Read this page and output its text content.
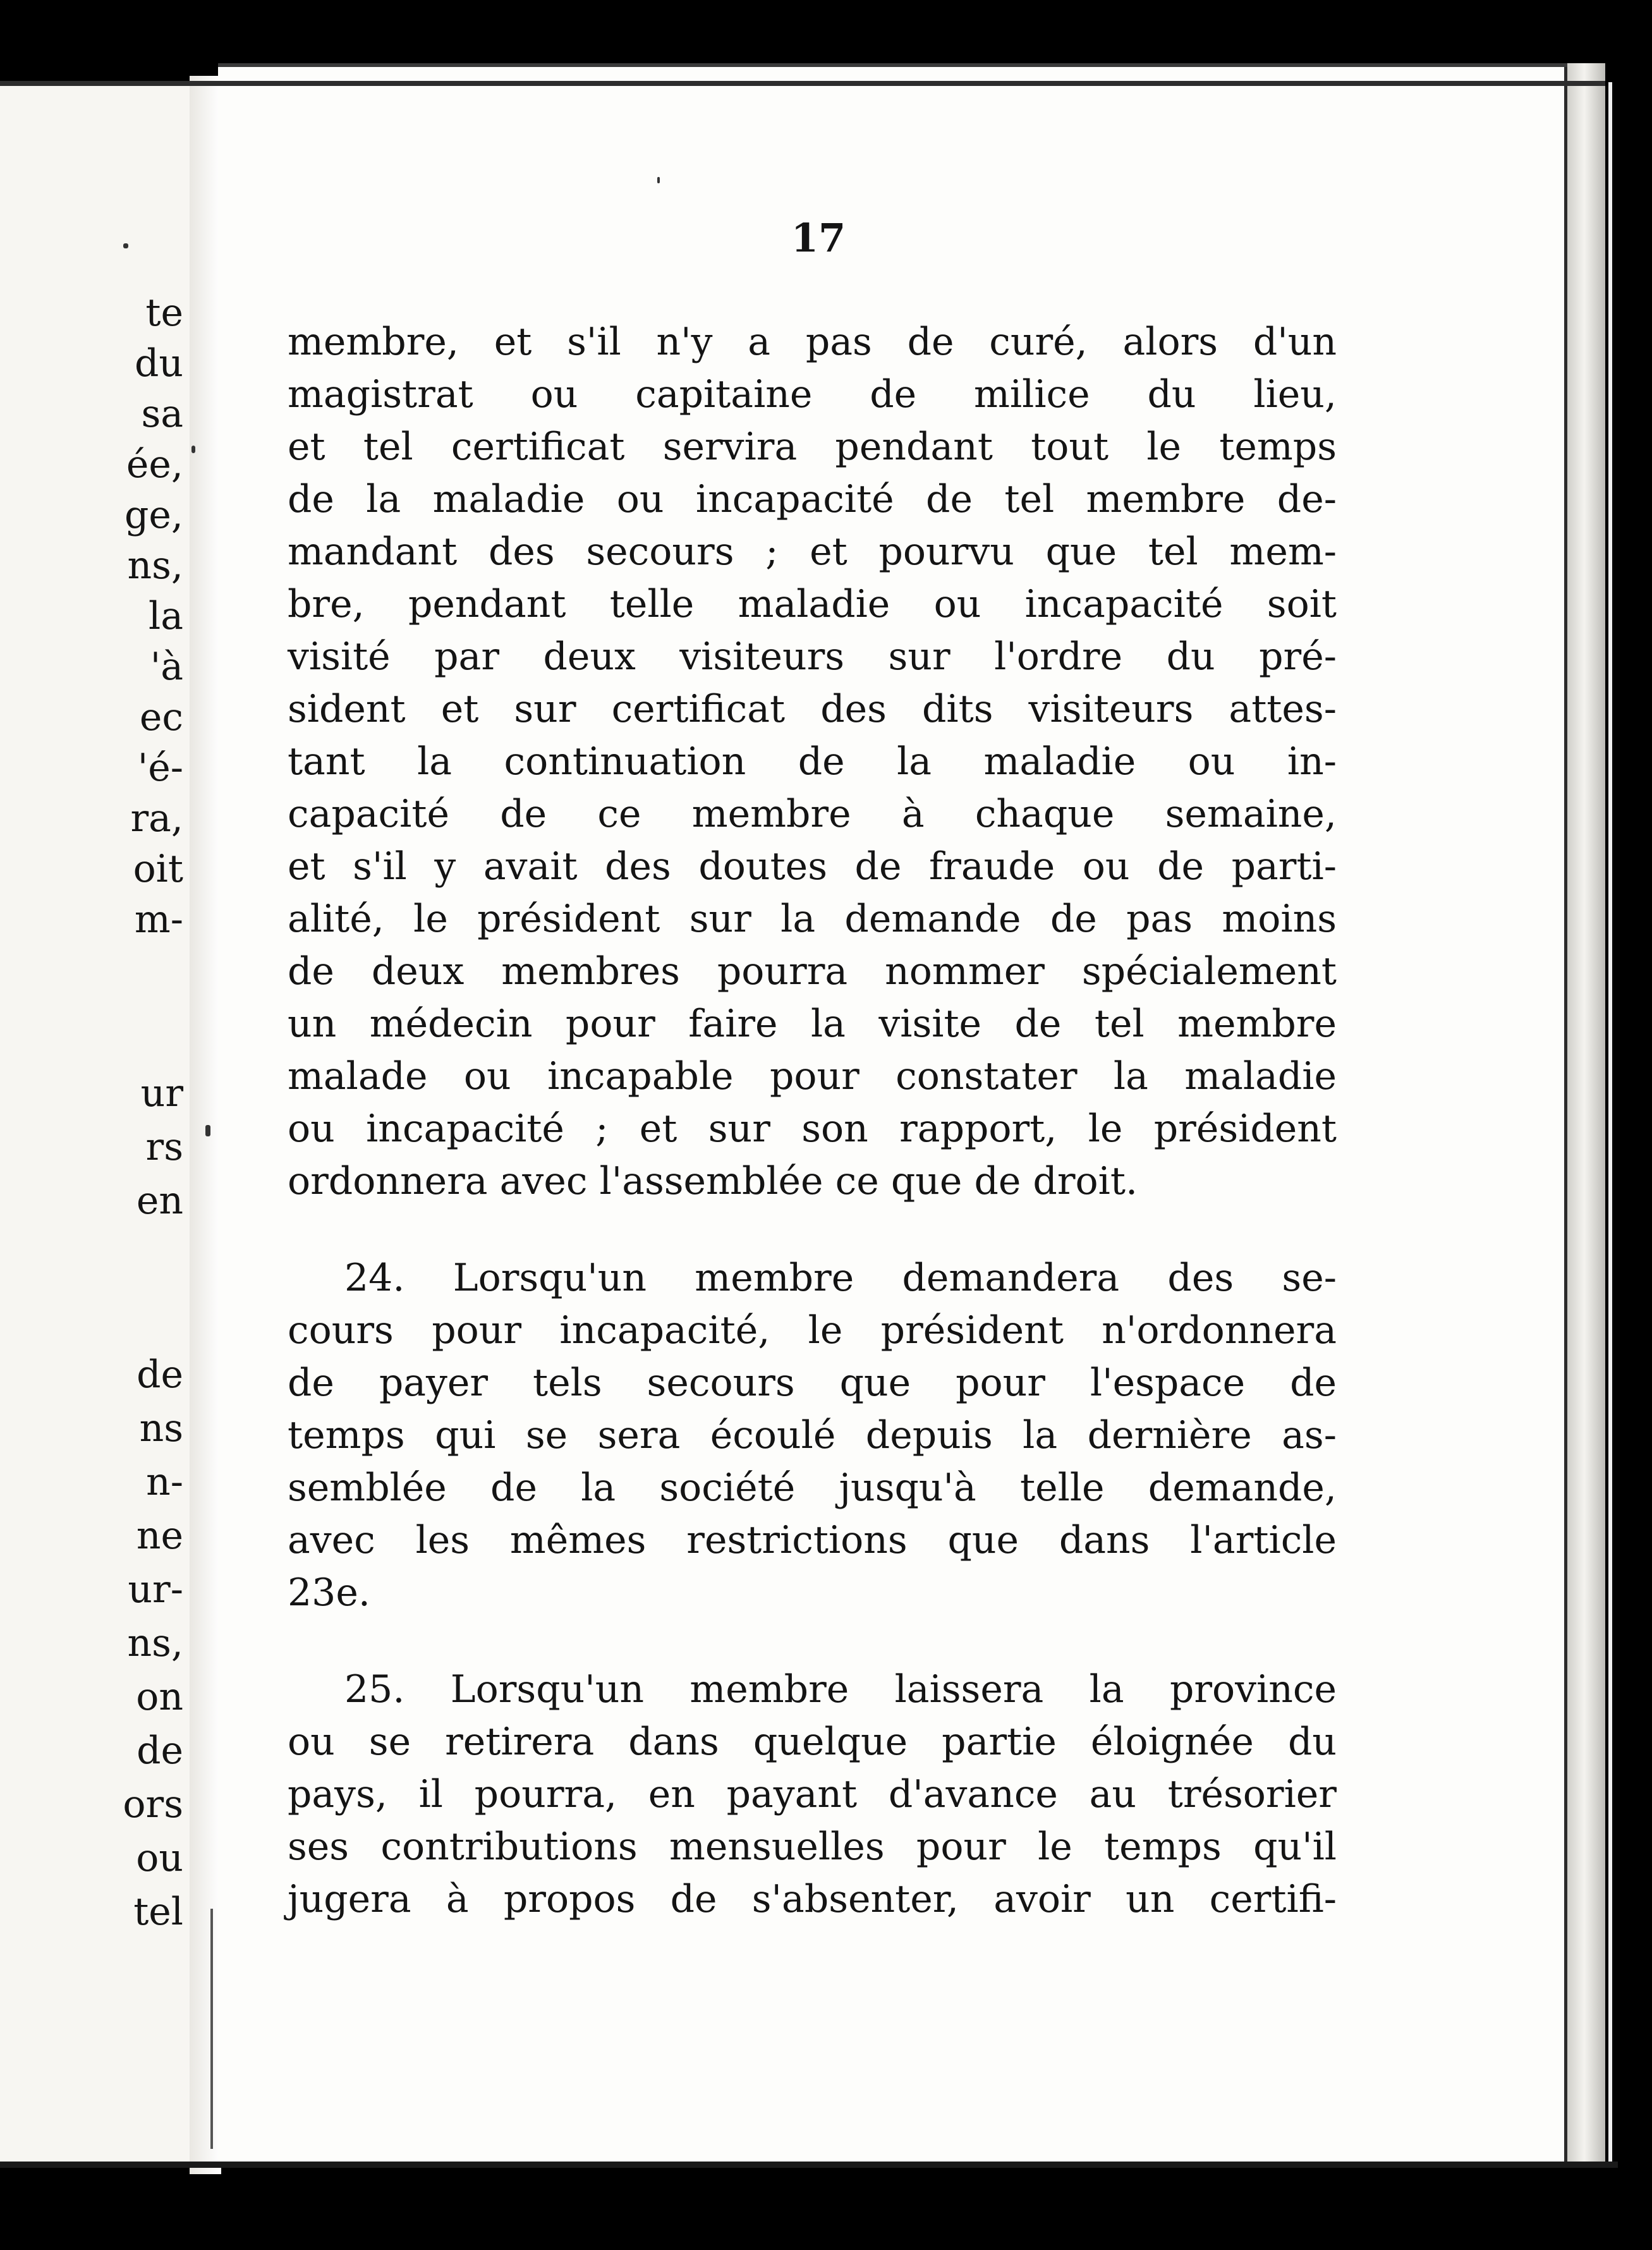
te
du
sa
ée,
ge,
ns,
la
'à
ec
'é-
ra,
oit
m-
ur
rs
en
de
ns
n-
ne
ur-
ns,
on
de
ors
ou
tel
17
membre, et s'il n'y a pas de curé, alors d'un
magistrat ou capitaine de milice du lieu,
et tel certificat servira pendant tout le temps
de la maladie ou incapacité de tel membre de-
mandant des secours ; et pourvu que tel mem-
bre, pendant telle maladie ou incapacité soit
visité par deux visiteurs sur l'ordre du pré-
sident et sur certificat des dits visiteurs attes-
tant la continuation de la maladie ou in-
capacité de ce membre à chaque semaine,
et s'il y avait des doutes de fraude ou de parti-
alité, le président sur la demande de pas moins
de deux membres pourra nommer spécialement
un médecin pour faire la visite de tel membre
malade ou incapable pour constater la maladie
ou incapacité ; et sur son rapport, le président
ordonnera avec l'assemblée ce que de droit.
24. Lorsqu'un membre demandera des se-
cours pour incapacité, le président n'ordonnera
de payer tels secours que pour l'espace de
temps qui se sera écoulé depuis la dernière as-
semblée de la société jusqu'à telle demande,
avec les mêmes restrictions que dans l'article
23e.
25. Lorsqu'un membre laissera la province
ou se retirera dans quelque partie éloignée du
pays, il pourra, en payant d'avance au trésorier
ses contributions mensuelles pour le temps qu'il
jugera à propos de s'absenter, avoir un certifi-
